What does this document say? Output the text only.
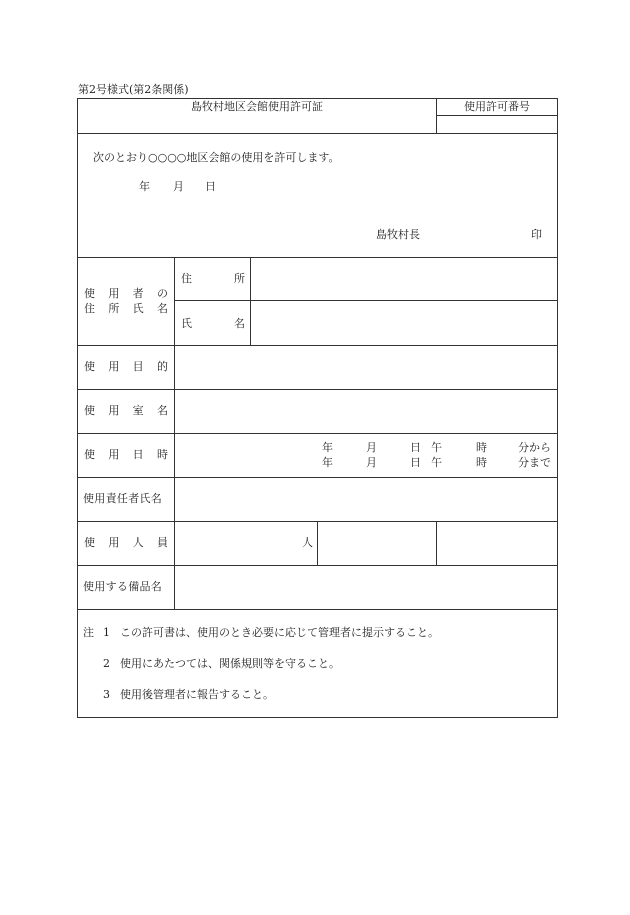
第2号様式(第2条関係)
島牧村地区会館使用許可証	使用許可番号
次のとおり○○○○地区会館の使用を許可します。
年 月 日
島牧村長	印
使 用 者 の
住 所 氏 名
住	所
氏	名
使 用 目 的
使 用 室 名
使 用 日 時
年	月	日 午	時	分から
年	月	日 午	時	分まで
使用責任者氏名
使 用 人 員	人
使用する備品名
注 1 この許可書は、使用のとき必要に応じて管理者に提示すること。
2 使用にあたつては、関係規則等を守ること。
3 使用後管理者に報告すること。
